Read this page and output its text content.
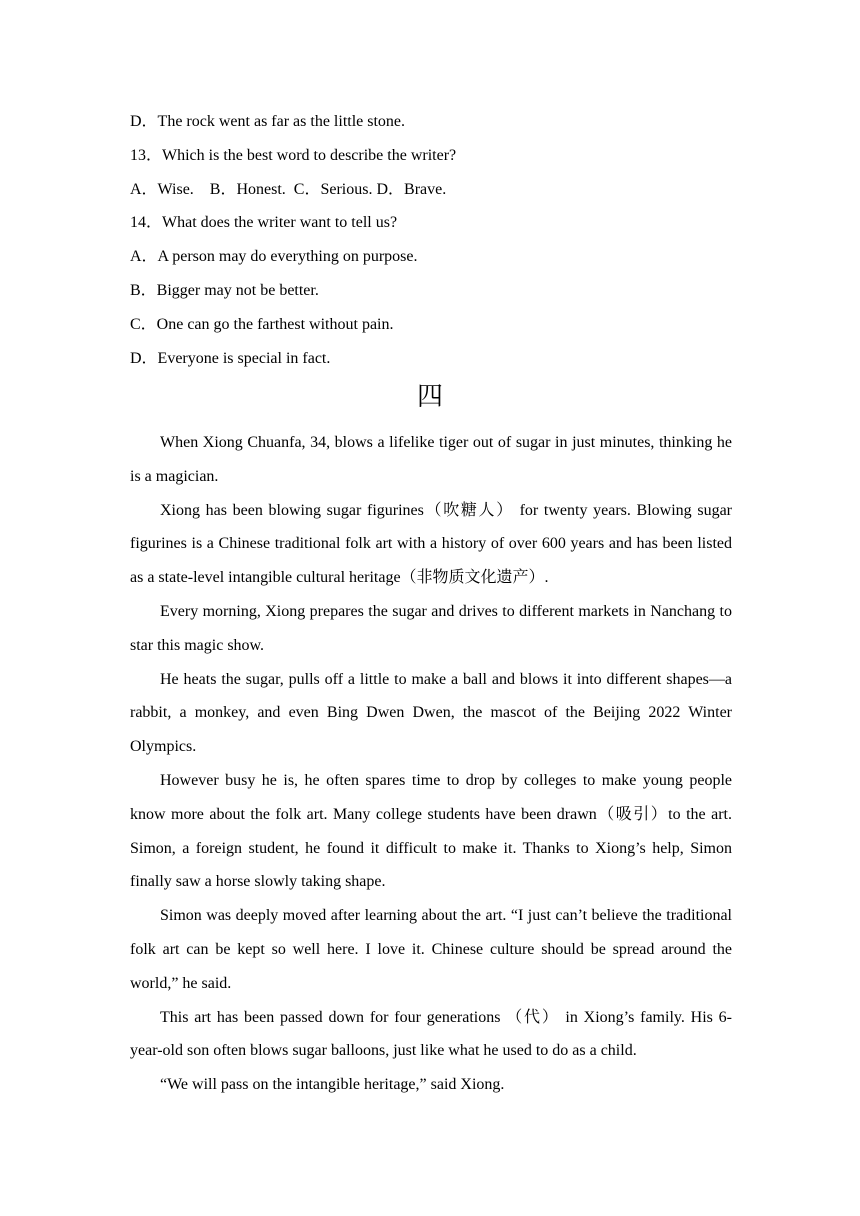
D．The rock went as far as the little stone.
13．Which is the best word to describe the writer?
A．Wise.    B．Honest.  C．Serious. D．Brave.
14．What does the writer want to tell us?
A．A person may do everything on purpose.
B．Bigger may not be better.
C．One can go the farthest without pain.
D．Everyone is special in fact.
四

When Xiong Chuanfa, 34, blows a lifelike tiger out of sugar in just minutes, thinking he is a magician.

Xiong has been blowing sugar figurines（吹糖人） for twenty years. Blowing sugar figurines is a Chinese traditional folk art with a history of over 600 years and has been listed as a state-level intangible cultural heritage（非物质文化遗产）.

Every morning, Xiong prepares the sugar and drives to different markets in Nanchang to star this magic show.

He heats the sugar, pulls off a little to make a ball and blows it into different shapes—a rabbit, a monkey, and even Bing Dwen Dwen, the mascot of the Beijing 2022 Winter Olympics.

However busy he is, he often spares time to drop by colleges to make young people know more about the folk art. Many college students have been drawn（吸引）to the art. Simon, a foreign student, he found it difficult to make it. Thanks to Xiong’s help, Simon finally saw a horse slowly taking shape.

Simon was deeply moved after learning about the art. “I just can’t believe the traditional folk art can be kept so well here. I love it. Chinese culture should be spread around the world,” he said.

This art has been passed down for four generations （代） in Xiong’s family. His 6-year-old son often blows sugar balloons, just like what he used to do as a child.

“We will pass on the intangible heritage,” said Xiong.
